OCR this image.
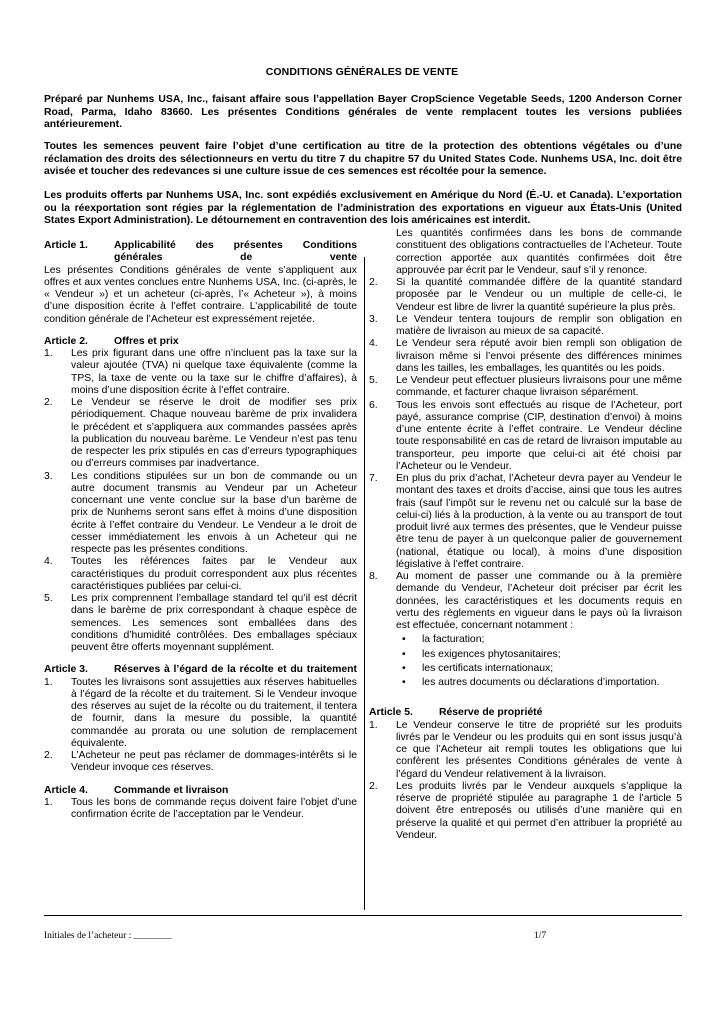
CONDITIONS GÉNÉRALES DE VENTE
Préparé par Nunhems USA, Inc., faisant affaire sous l’appellation Bayer CropScience Vegetable Seeds, 1200 Anderson Corner Road, Parma, Idaho 83660. Les présentes Conditions générales de vente remplacent toutes les versions publiées antérieurement.
Toutes les semences peuvent faire l’objet d’une certification au titre de la protection des obtentions végétales ou d’une réclamation des droits des sélectionneurs en vertu du titre 7 du chapitre 57 du United States Code. Nunhems USA, Inc. doit être avisée et toucher des redevances si une culture issue de ces semences est récoltée pour la semence.
Les produits offerts par Nunhems USA, Inc. sont expédiés exclusivement en Amérique du Nord (É.-U. et Canada). L’exportation ou la réexportation sont régies par la réglementation de l’administration des exportations en vigueur aux États-Unis (United States Export Administration). Le détournement en contravention des lois américaines est interdit.
Article 1.	Applicabilité des présentes Conditions générales de vente
Les présentes Conditions générales de vente s’appliquent aux offres et aux ventes conclues entre Nunhems USA, Inc. (ci-après, le « Vendeur ») et un acheteur (ci-après, l’« Acheteur »), à moins d’une disposition écrite à l’effet contraire. L’applicabilité de toute condition générale de l’Acheteur est expressément rejetée.
Article 2.	Offres et prix
1.	Les prix figurant dans une offre n’incluent pas la taxe sur la valeur ajoutée (TVA) ni quelque taxe équivalente (comme la TPS, la taxe de vente ou la taxe sur le chiffre d’affaires), à moins d’une disposition écrite à l’effet contraire.
2.	Le Vendeur se réserve le droit de modifier ses prix périodiquement. Chaque nouveau barème de prix invalidera le précédent et s’appliquera aux commandes passées après la publication du nouveau barème. Le Vendeur n’est pas tenu de respecter les prix stipulés en cas d’erreurs typographiques ou d’erreurs commises par inadvertance.
3.	Les conditions stipulées sur un bon de commande ou un autre document transmis au Vendeur par un Acheteur concernant une vente conclue sur la base d’un barème de prix de Nunhems seront sans effet à moins d’une disposition écrite à l’effet contraire du Vendeur. Le Vendeur a le droit de cesser immédiatement les envois à un Acheteur qui ne respecte pas les présentes conditions.
4.	Toutes les références faites par le Vendeur aux caractéristiques du produit correspondent aux plus récentes caractéristiques publiées par celui-ci.
5.	Les prix comprennent l’emballage standard tel qu’il est décrit dans le barème de prix correspondant à chaque espèce de semences. Les semences sont emballées dans des conditions d’humidité contrôlées. Des emballages spéciaux peuvent être offerts moyennant supplément.
Article 3.	Réserves à l’égard de la récolte et du traitement
1.	Toutes les livraisons sont assujetties aux réserves habituelles à l’égard de la récolte et du traitement. Si le Vendeur invoque des réserves au sujet de la récolte ou du traitement, il tentera de fournir, dans la mesure du possible, la quantité commandée au prorata ou une solution de remplacement équivalente.
2.	L’Acheteur ne peut pas réclamer de dommages-intérêts si le Vendeur invoque ces réserves.
Article 4.	Commande et livraison
1.	Tous les bons de commande reçus doivent faire l’objet d’une confirmation écrite de l’acceptation par le Vendeur.
Les quantités confirmées dans les bons de commande constituent des obligations contractuelles de l’Acheteur. Toute correction apportée aux quantités confirmées doit être approuvée par écrit par le Vendeur, sauf s’il y renonce.
2.	Si la quantité commandée diffère de la quantité standard proposée par le Vendeur ou un multiple de celle-ci, le Vendeur est libre de livrer la quantité supérieure la plus près.
3.	Le Vendeur tentera toujours de remplir son obligation en matière de livraison au mieux de sa capacité.
4.	Le Vendeur sera réputé avoir bien rempli son obligation de livraison même si l’envoi présente des différences minimes dans les tailles, les emballages, les quantités ou les poids.
5.	Le Vendeur peut effectuer plusieurs livraisons pour une même commande, et facturer chaque livraison séparément.
6.	Tous les envois sont effectués au risque de l’Acheteur, port payé, assurance comprise (CIP, destination d’envoi) à moins d’une entente écrite à l’effet contraire. Le Vendeur décline toute responsabilité en cas de retard de livraison imputable au transporteur, peu importe que celui-ci ait été choisi par l’Acheteur ou le Vendeur.
7.	En plus du prix d’achat, l’Acheteur devra payer au Vendeur le montant des taxes et droits d’accise, ainsi que tous les autres frais (sauf l’impôt sur le revenu net ou calculé sur la base de celui-ci) liés à la production, à la vente ou au transport de tout produit livré aux termes des présentes, que le Vendeur puisse être tenu de payer à un quelconque palier de gouvernement (national, étatique ou local), à moins d’une disposition législative à l’effet contraire.
8.	Au moment de passer une commande ou à la première demande du Vendeur, l’Acheteur doit préciser par écrit les données, les caractéristiques et les documents requis en vertu des règlements en vigueur dans le pays où la livraison est effectuée, concernant notamment :
•	la facturation;
•	les exigences phytosanitaires;
•	les certificats internationaux;
•	les autres documents ou déclarations d’importation.
Article 5.	Réserve de propriété
1.	Le Vendeur conserve le titre de propriété sur les produits livrés par le Vendeur ou les produits qui en sont issus jusqu’à ce que l’Acheteur ait rempli toutes les obligations que lui confèrent les présentes Conditions générales de vente à l’égard du Vendeur relativement à la livraison.
2.	Les produits livrés par le Vendeur auxquels s’applique la réserve de propriété stipulée au paragraphe 1 de l’article 5 doivent être entreposés ou utilisés d’une manière qui en préserve la qualité et qui permet d’en attribuer la propriété au Vendeur.
Initiales de l’acheteur : ________	1/7
